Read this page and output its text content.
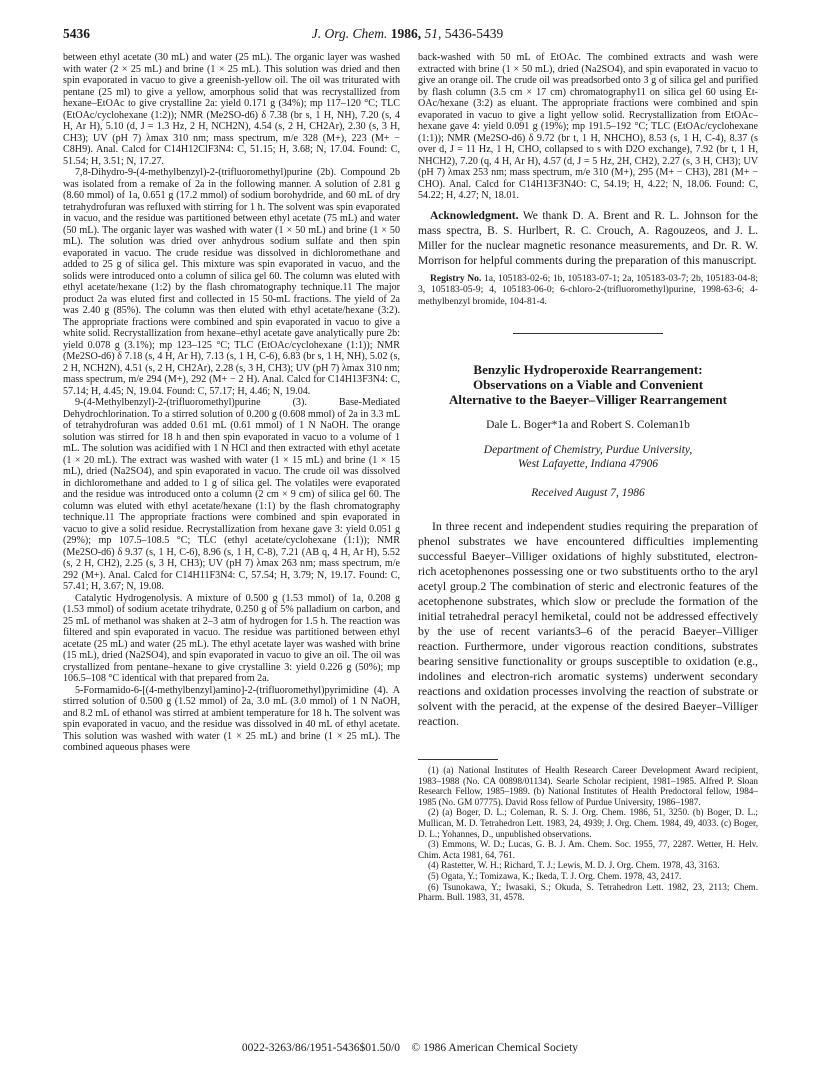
5436	J. Org. Chem. 1986, 51, 5436-5439

between ethyl acetate (30 mL) and water (25 mL). The organic layer was washed with water (2 × 25 mL) and brine (1 × 25 mL). This solution was dried and then spin evaporated in vacuo to give a greenish-yellow oil. The oil was triturated with pentane (25 ml) to give a yellow, amorphous solid that was recrystallized from hexane–EtOAc to give crystalline 2a: yield 0.171 g (34%); mp 117–120 °C; TLC (EtOAc/cyclohexane (1:2)); NMR (Me2SO-d6) δ 7.38 (br s, 1 H, NH), 7.20 (s, 4 H, Ar H), 5.10 (d, J = 1.3 Hz, 2 H, NCH2N), 4.54 (s, 2 H, CH2Ar), 2.30 (s, 3 H, CH3); UV (pH 7) λmax 310 nm; mass spectrum, m/e 328 (M+), 223 (M+ − C8H9). Anal. Calcd for C14H12ClF3N4: C, 51.15; H, 3.68; N, 17.04. Found: C, 51.54; H, 3.51; N, 17.27.

7,8-Dihydro-9-(4-methylbenzyl)-2-(trifluoromethyl)purine (2b). Compound 2b was isolated from a remake of 2a in the following manner. A solution of 2.81 g (8.60 mmol) of 1a, 0.651 g (17.2 mmol) of sodium borohydride, and 60 mL of dry tetrahydrofuran was refluxed with stirring for 1 h. The solvent was spin evaporated in vacuo, and the residue was partitioned between ethyl acetate (75 mL) and water (50 mL). The organic layer was washed with water (1 × 50 mL) and brine (1 × 50 mL). The solution was dried over anhydrous sodium sulfate and then spin evaporated in vacuo. The crude residue was dissolved in dichloromethane and added to 25 g of silica gel. This mixture was spin evaporated in vacuo, and the solids were introduced onto a column of silica gel 60. The column was eluted with ethyl acetate/hexane (1:2) by the flash chromatography technique.11 The major product 2a was eluted first and collected in 15 50-mL fractions. The yield of 2a was 2.40 g (85%). The column was then eluted with ethyl acetate/hexane (3:2). The appropriate fractions were combined and spin evaporated in vacuo to give a white solid. Recrystallization from hexane–ethyl acetate gave analytically pure 2b: yield 0.078 g (3.1%); mp 123–125 °C; TLC (EtOAc/cyclohexane (1:1)); NMR (Me2SO-d6) δ 7.18 (s, 4 H, Ar H), 7.13 (s, 1 H, C-6), 6.83 (br s, 1 H, NH), 5.02 (s, 2 H, NCH2N), 4.51 (s, 2 H, CH2Ar), 2.28 (s, 3 H, CH3); UV (pH 7) λmax 310 nm; mass spectrum, m/e 294 (M+), 292 (M+ − 2 H). Anal. Calcd for C14H13F3N4: C, 57.14; H, 4.45; N, 19.04. Found: C, 57.17; H, 4.46; N, 19.04.

9-(4-Methylbenzyl)-2-(trifluoromethyl)purine (3). Base-Mediated Dehydrochlorination. To a stirred solution of 0.200 g (0.608 mmol) of 2a in 3.3 mL of tetrahydrofuran was added 0.61 mL (0.61 mmol) of 1 N NaOH. The orange solution was stirred for 18 h and then spin evaporated in vacuo to a volume of 1 mL. The solution was acidified with 1 N HCl and then extracted with ethyl acetate (1 × 20 mL). The extract was washed with water (1 × 15 mL) and brine (1 × 15 mL), dried (Na2SO4), and spin evaporated in vacuo. The crude oil was dissolved in dichloromethane and added to 1 g of silica gel. The volatiles were evaporated and the residue was introduced onto a column (2 cm × 9 cm) of silica gel 60. The column was eluted with ethyl acetate/hexane (1:1) by the flash chromatography technique.11 The appropriate fractions were combined and spin evaporated in vacuo to give a solid residue. Recrystallization from hexane gave 3: yield 0.051 g (29%); mp 107.5–108.5 °C; TLC (ethyl acetate/cyclohexane (1:1)); NMR (Me2SO-d6) δ 9.37 (s, 1 H, C-6), 8.96 (s, 1 H, C-8), 7.21 (AB q, 4 H, Ar H), 5.52 (s, 2 H, CH2), 2.25 (s, 3 H, CH3); UV (pH 7) λmax 263 nm; mass spectrum, m/e 292 (M+). Anal. Calcd for C14H11F3N4: C, 57.54; H, 3.79; N, 19.17. Found: C, 57.41; H, 3.67; N, 19.08.

Catalytic Hydrogenolysis. A mixture of 0.500 g (1.53 mmol) of 1a, 0.208 g (1.53 mmol) of sodium acetate trihydrate, 0.250 g of 5% palladium on carbon, and 25 mL of methanol was shaken at 2–3 atm of hydrogen for 1.5 h. The reaction was filtered and spin evaporated in vacuo. The residue was partitioned between ethyl acetate (25 mL) and water (25 mL). The ethyl acetate layer was washed with brine (15 mL), dried (Na2SO4), and spin evaporated in vacuo to give an oil. The oil was crystallized from pentane–hexane to give crystalline 3: yield 0.226 g (50%); mp 106.5–108 °C identical with that prepared from 2a.

5-Formamido-6-[(4-methylbenzyl)amino]-2-(trifluoromethyl)pyrimidine (4). A stirred solution of 0.500 g (1.52 mmol) of 2a, 3.0 mL (3.0 mmol) of 1 N NaOH, and 8.2 mL of ethanol was stirred at ambient temperature for 18 h. The solvent was spin evaporated in vacuo, and the residue was dissolved in 40 mL of ethyl acetate. This solution was washed with water (1 × 25 mL) and brine (1 × 25 mL). The combined aqueous phases were

back-washed with 50 mL of EtOAc. The combined extracts and wash were extracted with brine (1 × 50 mL), dried (Na2SO4), and spin evaporated in vacuo to give an orange oil. The crude oil was preadsorbed onto 3 g of silica gel and purified by flash column (3.5 cm × 17 cm) chromatography11 on silica gel 60 using Et-OAc/hexane (3:2) as eluant. The appropriate fractions were combined and spin evaporated in vacuo to give a light yellow solid. Recrystallization from EtOAc–hexane gave 4: yield 0.091 g (19%); mp 191.5–192 °C; TLC (EtOAc/cyclohexane (1:1)); NMR (Me2SO-d6) δ 9.72 (br t, 1 H, NHCHO), 8.53 (s, 1 H, C-4), 8.37 (s over d, J = 11 Hz, 1 H, CHO, collapsed to s with D2O exchange), 7.92 (br t, 1 H, NHCH2), 7.20 (q, 4 H, Ar H), 4.57 (d, J = 5 Hz, 2H, CH2), 2.27 (s, 3 H, CH3); UV (pH 7) λmax 253 nm; mass spectrum, m/e 310 (M+), 295 (M+ − CH3), 281 (M+ − CHO). Anal. Calcd for C14H13F3N4O: C, 54.19; H, 4.22; N, 18.06. Found: C, 54.22; H, 4.27; N, 18.01.

Acknowledgment. We thank D. A. Brent and R. L. Johnson for the mass spectra, B. S. Hurlbert, R. C. Crouch, A. Ragouzeos, and J. L. Miller for the nuclear magnetic resonance measurements, and Dr. R. W. Morrison for helpful comments during the preparation of this manuscript.

Registry No. 1a, 105183-02-6; 1b, 105183-07-1; 2a, 105183-03-7; 2b, 105183-04-8; 3, 105183-05-9; 4, 105183-06-0; 6-chloro-2-(trifluoromethyl)purine, 1998-63-6; 4-methylbenzyl bromide, 104-81-4.

Benzylic Hydroperoxide Rearrangement:
Observations on a Viable and Convenient
Alternative to the Baeyer–Villiger Rearrangement
Dale L. Boger*1a and Robert S. Coleman1b
Department of Chemistry, Purdue University,
West Lafayette, Indiana 47906
Received August 7, 1986

In three recent and independent studies requiring the preparation of phenol substrates we have encountered difficulties implementing successful Baeyer–Villiger oxidations of highly substituted, electron-rich acetophenones possessing one or two substituents ortho to the aryl acetyl group.2 The combination of steric and electronic features of the acetophenone substrates, which slow or preclude the formation of the initial tetrahedral peracyl hemiketal, could not be addressed effectively by the use of recent variants3–6 of the peracid Baeyer–Villiger reaction. Furthermore, under vigorous reaction conditions, substrates bearing sensitive functionality or groups susceptible to oxidation (e.g., indolines and electron-rich aromatic systems) underwent secondary reactions and oxidation processes involving the reaction of substrate or solvent with the peracid, at the expense of the desired Baeyer–Villiger reaction.

(1) (a) National Institutes of Health Research Career Development Award recipient, 1983–1988 (No. CA 00898/01134). Searle Scholar recipient, 1981–1985. Alfred P. Sloan Research Fellow, 1985–1989. (b) National Institutes of Health Predoctoral fellow, 1984–1985 (No. GM 07775). David Ross fellow of Purdue University, 1986–1987.

(2) (a) Boger, D. L.; Coleman, R. S. J. Org. Chem. 1986, 51, 3250. (b) Boger, D. L.; Mullican, M. D. Tetrahedron Lett. 1983, 24, 4939; J. Org. Chem. 1984, 49, 4033. (c) Boger, D. L.; Yohannes, D., unpublished observations.

(3) Emmons, W. D.; Lucas, G. B. J. Am. Chem. Soc. 1955, 77, 2287. Wetter, H. Helv. Chim. Acta 1981, 64, 761.

(4) Rastetter, W. H.; Richard, T. J.; Lewis, M. D. J. Org. Chem. 1978, 43, 3163.

(5) Ogata, Y.; Tomizawa, K.; Ikeda, T. J. Org. Chem. 1978, 43, 2417.

(6) Tsunokawa, Y.; Iwasaki, S.; Okuda, S. Tetrahedron Lett. 1982, 23, 2113; Chem. Pharm. Bull. 1983, 31, 4578.

0022-3263/86/1951-5436$01.50/0 © 1986 American Chemical Society
